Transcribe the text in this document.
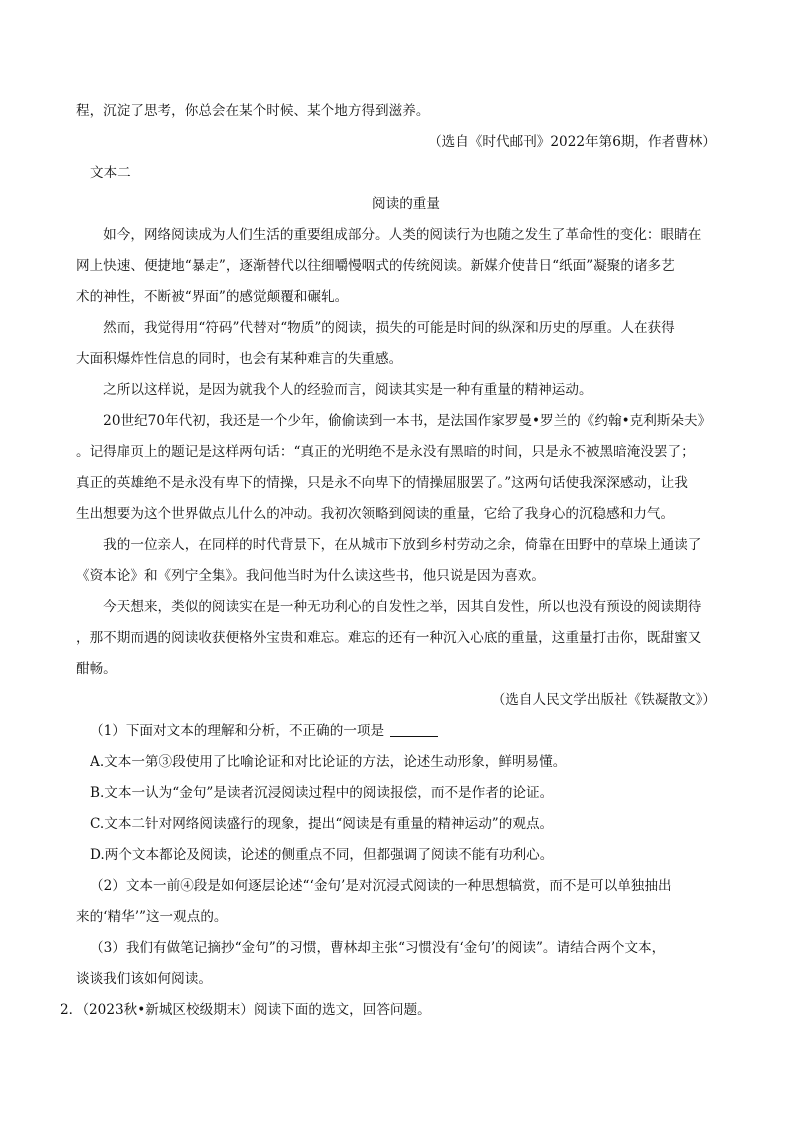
程，沉淀了思考，你总会在某个时候、某个地方得到滋养。
（选自《时代邮刊》2022年第6期，作者曹林）
文本二
阅读的重量
　　如今，网络阅读成为人们生活的重要组成部分。人类的阅读行为也随之发生了革命性的变化：眼睛在
网上快速、便捷地“暴走”，逐渐替代以往细嚼慢咽式的传统阅读。新媒介使昔日“纸面”凝聚的诸多艺
术的神性，不断被“界面”的感觉颠覆和碾轧。
　　然而，我觉得用“符码”代替对“物质”的阅读，损失的可能是时间的纵深和历史的厚重。人在获得
大面积爆炸性信息的同时，也会有某种难言的失重感。
　　之所以这样说，是因为就我个人的经验而言，阅读其实是一种有重量的精神运动。
　　20世纪70年代初，我还是一个少年，偷偷读到一本书，是法国作家罗曼•罗兰的《约翰•克利斯朵夫》
。记得扉页上的题记是这样两句话：“真正的光明绝不是永没有黑暗的时间，只是永不被黑暗淹没罢了；
真正的英雄绝不是永没有卑下的情操，只是永不向卑下的情操屈服罢了。”这两句话使我深深感动，让我
生出想要为这个世界做点儿什么的冲动。我初次领略到阅读的重量，它给了我身心的沉稳感和力气。
　　我的一位亲人，在同样的时代背景下，在从城市下放到乡村劳动之余，倚靠在田野中的草垛上通读了
《资本论》和《列宁全集》。我问他当时为什么读这些书，他只说是因为喜欢。
　　今天想来，类似的阅读实在是一种无功利心的自发性之举，因其自发性，所以也没有预设的阅读期待
，那不期而遇的阅读收获便格外宝贵和难忘。难忘的还有一种沉入心底的重量，这重量打击你，既甜蜜又
酣畅。
（选自人民文学出版社《铁凝散文》）
（1）下面对文本的理解和分析，不正确的一项是
A.文本一第③段使用了比喻论证和对比论证的方法，论述生动形象，鲜明易懂。
B.文本一认为“金句”是读者沉浸阅读过程中的阅读报偿，而不是作者的论证。
C.文本二针对网络阅读盛行的现象，提出“阅读是有重量的精神运动”的观点。
D.两个文本都论及阅读，论述的侧重点不同，但都强调了阅读不能有功利心。
（2）文本一前④段是如何逐层论述“‘金句’是对沉浸式阅读的一种思想犒赏，而不是可以单独抽出
来的‘精华’”这一观点的。
（3）我们有做笔记摘抄“金句”的习惯，曹林却主张“习惯没有‘金句’的阅读”。请结合两个文本，
谈谈我们该如何阅读。
2．（2023秋•新城区校级期末）阅读下面的选文，回答问题。
